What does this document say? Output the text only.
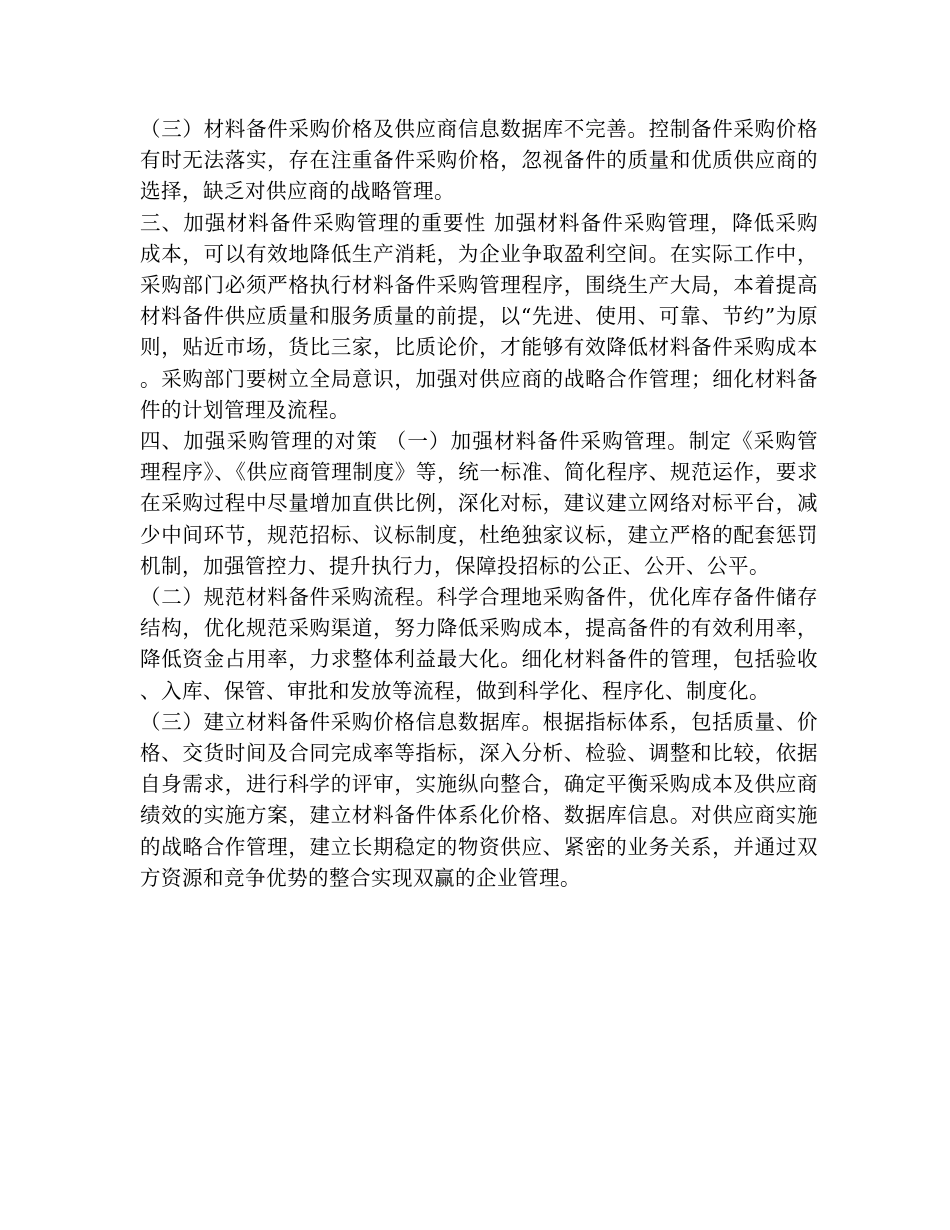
（三）材料备件采购价格及供应商信息数据库不完善。控制备件采购价格有时无法落实，存在注重备件采购价格，忽视备件的质量和优质供应商的选择，缺乏对供应商的战略管理。

三、加强材料备件采购管理的重要性 加强材料备件采购管理，降低采购成本，可以有效地降低生产消耗，为企业争取盈利空间。在实际工作中，采购部门必须严格执行材料备件采购管理程序，围绕生产大局，本着提高材料备件供应质量和服务质量的前提，以“先进、使用、可靠、节约”为原则，贴近市场，货比三家，比质论价，才能够有效降低材料备件采购成本。采购部门要树立全局意识，加强对供应商的战略合作管理；细化材料备件的计划管理及流程。

四、加强采购管理的对策 （一）加强材料备件采购管理。制定《采购管理程序》、《供应商管理制度》等，统一标准、简化程序、规范运作，要求在采购过程中尽量增加直供比例，深化对标，建议建立网络对标平台，减少中间环节，规范招标、议标制度，杜绝独家议标，建立严格的配套惩罚机制，加强管控力、提升执行力，保障投招标的公正、公开、公平。

（二）规范材料备件采购流程。科学合理地采购备件，优化库存备件储存结构，优化规范采购渠道，努力降低采购成本，提高备件的有效利用率，降低资金占用率，力求整体利益最大化。细化材料备件的管理，包括验收、入库、保管、审批和发放等流程，做到科学化、程序化、制度化。

（三）建立材料备件采购价格信息数据库。根据指标体系，包括质量、价格、交货时间及合同完成率等指标，深入分析、检验、调整和比较，依据自身需求，进行科学的评审，实施纵向整合，确定平衡采购成本及供应商绩效的实施方案，建立材料备件体系化价格、数据库信息。对供应商实施的战略合作管理，建立长期稳定的物资供应、紧密的业务关系，并通过双方资源和竞争优势的整合实现双赢的企业管理。
